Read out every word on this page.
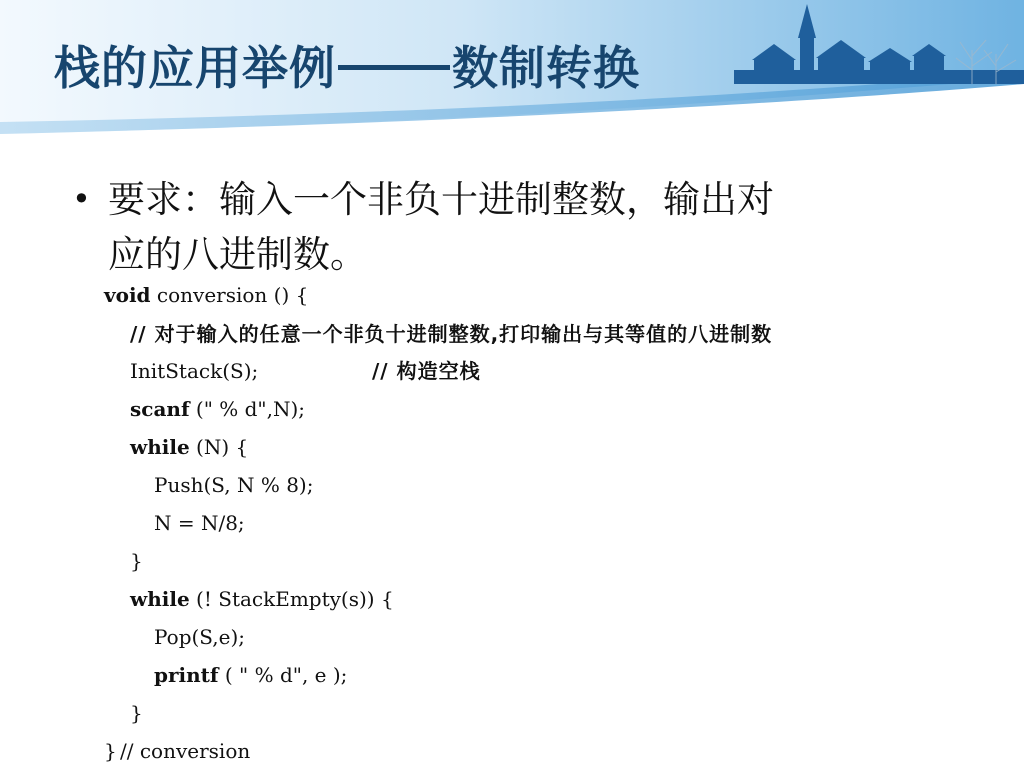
栈的应用举例	数制转换
• 要求：输入一个非负十进制整数，输出对
应的八进制数。
void conversion () {
// 对于输入的任意一个非负十进制整数,打印输出与其等值的八进制数
InitStack(S);	// 构造空栈
scanf (" % d",N);
while (N) {
Push(S, N % 8);
N = N/8;
}
while (! StackEmpty(s)) {
Pop(S,e);
printf ( " % d", e );
}
} // conversion
